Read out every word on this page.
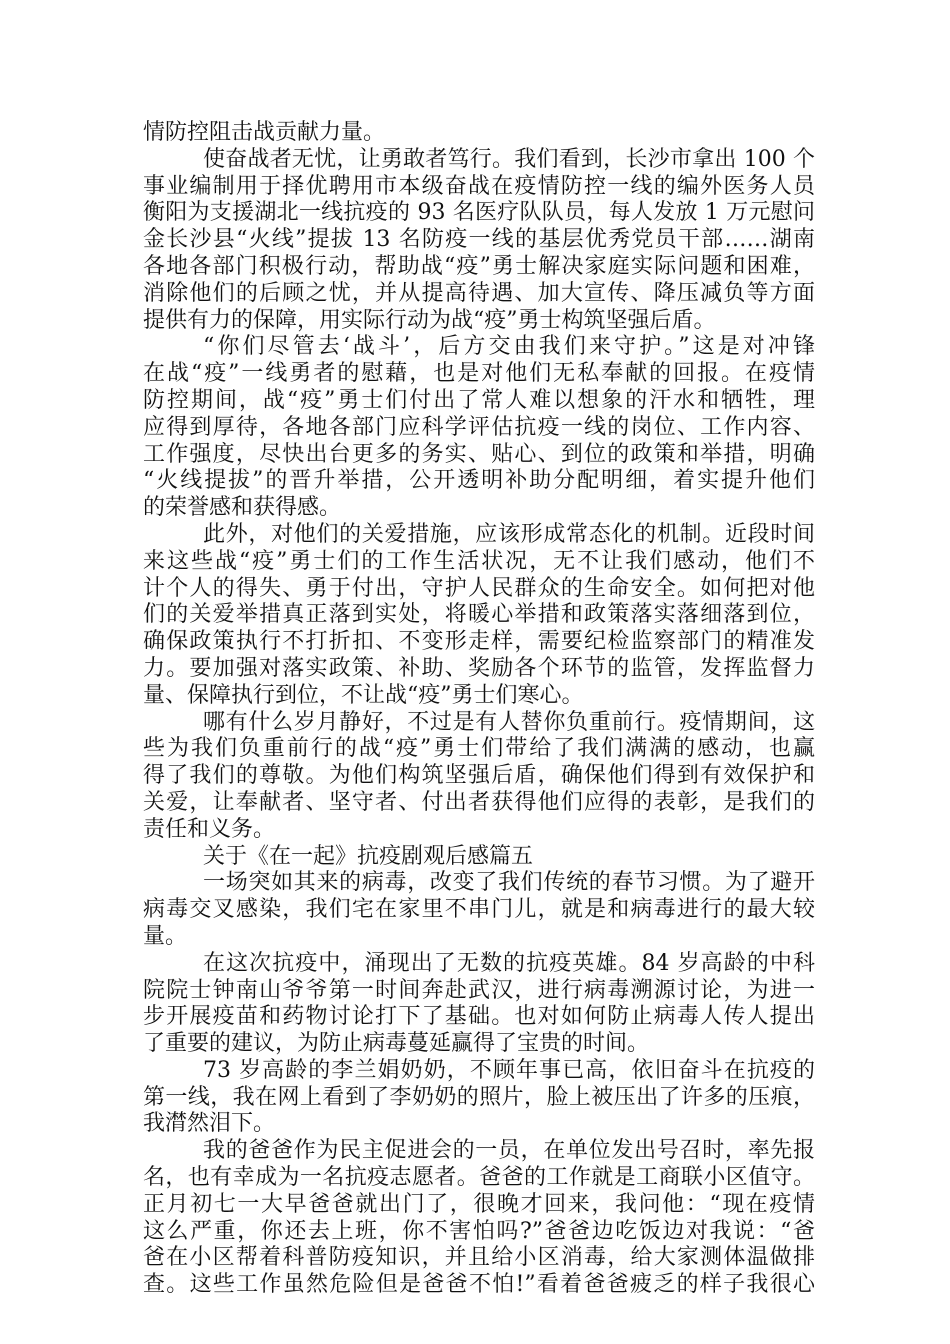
情防控阻击战贡献力量。
使奋战者无忧，让勇敢者笃行。我们看到，长沙市拿出 100 个
事业编制用于择优聘用市本级奋战在疫情防控一线的编外医务人员
衡阳为支援湖北一线抗疫的 93 名医疗队队员，每人发放 1 万元慰问
金长沙县“火线”提拔 13 名防疫一线的基层优秀党员干部……湖南
各地各部门积极行动，帮助战“疫”勇士解决家庭实际问题和困难，
消除他们的后顾之忧，并从提高待遇、加大宣传、降压减负等方面
提供有力的保障，用实际行动为战“疫”勇士构筑坚强后盾。
“你们尽管去‘战斗’，后方交由我们来守护。”这是对冲锋
在战“疫”一线勇者的慰藉，也是对他们无私奉献的回报。在疫情
防控期间，战“疫”勇士们付出了常人难以想象的汗水和牺牲，理
应得到厚待，各地各部门应科学评估抗疫一线的岗位、工作内容、
工作强度，尽快出台更多的务实、贴心、到位的政策和举措，明确
“火线提拔”的晋升举措，公开透明补助分配明细，着实提升他们
的荣誉感和获得感。
此外，对他们的关爱措施，应该形成常态化的机制。近段时间
来这些战“疫”勇士们的工作生活状况，无不让我们感动，他们不
计个人的得失、勇于付出，守护人民群众的生命安全。如何把对他
们的关爱举措真正落到实处，将暖心举措和政策落实落细落到位，
确保政策执行不打折扣、不变形走样，需要纪检监察部门的精准发
力。要加强对落实政策、补助、奖励各个环节的监管，发挥监督力
量、保障执行到位，不让战“疫”勇士们寒心。
哪有什么岁月静好，不过是有人替你负重前行。疫情期间，这
些为我们负重前行的战“疫”勇士们带给了我们满满的感动，也赢
得了我们的尊敬。为他们构筑坚强后盾，确保他们得到有效保护和
关爱，让奉献者、坚守者、付出者获得他们应得的表彰，是我们的
责任和义务。
关于《在一起》抗疫剧观后感篇五
一场突如其来的病毒，改变了我们传统的春节习惯。为了避开
病毒交叉感染，我们宅在家里不串门儿，就是和病毒进行的最大较
量。
在这次抗疫中，涌现出了无数的抗疫英雄。84 岁高龄的中科
院院士钟南山爷爷第一时间奔赴武汉，进行病毒溯源讨论，为进一
步开展疫苗和药物讨论打下了基础。也对如何防止病毒人传人提出
了重要的建议，为防止病毒蔓延赢得了宝贵的时间。
73 岁高龄的李兰娟奶奶，不顾年事已高，依旧奋斗在抗疫的
第一线，我在网上看到了李奶奶的照片，脸上被压出了许多的压痕，
我潸然泪下。
我的爸爸作为民主促进会的一员，在单位发出号召时，率先报
名，也有幸成为一名抗疫志愿者。爸爸的工作就是工商联小区值守。
正月初七一大早爸爸就出门了，很晚才回来，我问他：“现在疫情
这么严重，你还去上班，你不害怕吗?”爸爸边吃饭边对我说：“爸
爸在小区帮着科普防疫知识，并且给小区消毒，给大家测体温做排
查。这些工作虽然危险但是爸爸不怕!”看着爸爸疲乏的样子我很心
